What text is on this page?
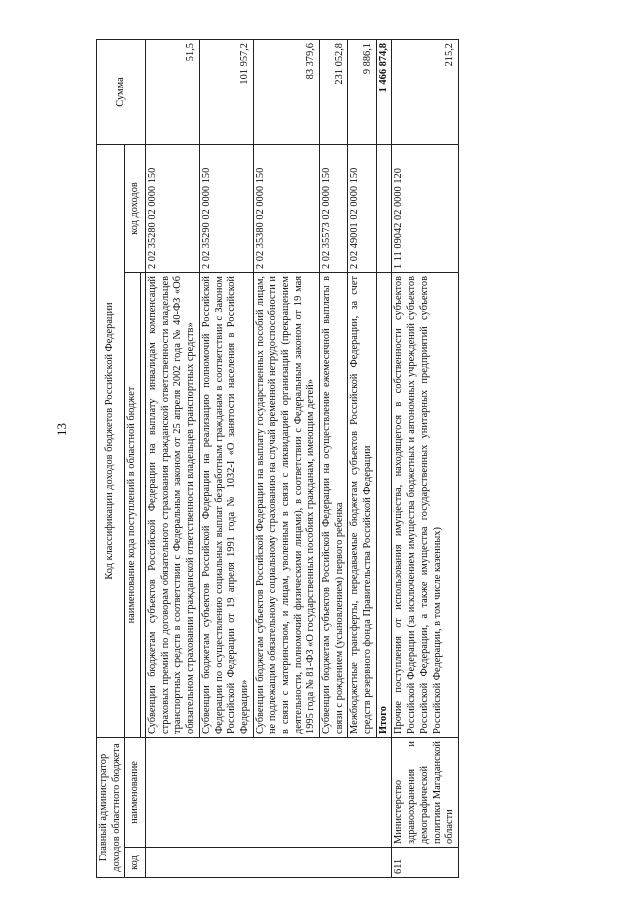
13
Главный администратор доходов областного бюджета		Код классификации доходов бюджетов Российской Федерации		Сумма
код	наименование	наименование кода поступлений в областной бюджет	код доходов	

		Субвенции бюджетам субъектов Российской Федерации на выплату инвалидам компенсаций страховых премий по договорам обязательного страхования гражданской ответственности владельцев транспортных средств в соответствии с Федеральным законом от 25 апреля 2002 года № 40-ФЗ «Об обязательном страховании гражданской ответственности владельцев транспортных средств»	2 02 35280 02 0000 150	51,5
		Субвенции бюджетам субъектов Российской Федерации на реализацию полномочий Российской Федерации по осуществлению социальных выплат безработным гражданам в соответствии с Законом Российской Федерации от 19 апреля 1991 года № 1032-I «О занятости населения в Российской Федерации»	2 02 35290 02 0000 150	101 957,2
		Субвенции бюджетам субъектов Российской Федерации на выплату государственных пособий лицам, не подлежащим обязательному социальному страхованию на случай временной нетрудоспособности и в связи с материнством, и лицам, уволенным в связи с ликвидацией организаций (прекращением деятельности, полномочий физическими лицами), в соответствии с Федеральным законом от 19 мая 1995 года № 81-ФЗ «О государственных пособиях гражданам, имеющим детей»	2 02 35380 02 0000 150	83 379,6
		Субвенции бюджетам субъектов Российской Федерации на осуществление ежемесячной выплаты в связи с рождением (усыновлением) первого ребенка	2 02 35573 02 0000 150	231 052,8
		Межбюджетные трансферты, передаваемые бюджетам субъектов Российской Федерации, за счет средств резервного фонда Правительства Российской Федерации	2 02 49001 02 0000 150	9 886,1
		Итого		1 466 874,8
611	Министерство здравоохранения и демографической политики Магаданской области	Прочие поступления от использования имущества, находящегося в собственности субъектов Российской Федерации (за исключением имущества бюджетных и автономных учреждений субъектов Российской Федерации, а также имущества государственных унитарных предприятий субъектов Российской Федерации, в том числе казенных)	1 11 09042 02 0000 120	215,2
